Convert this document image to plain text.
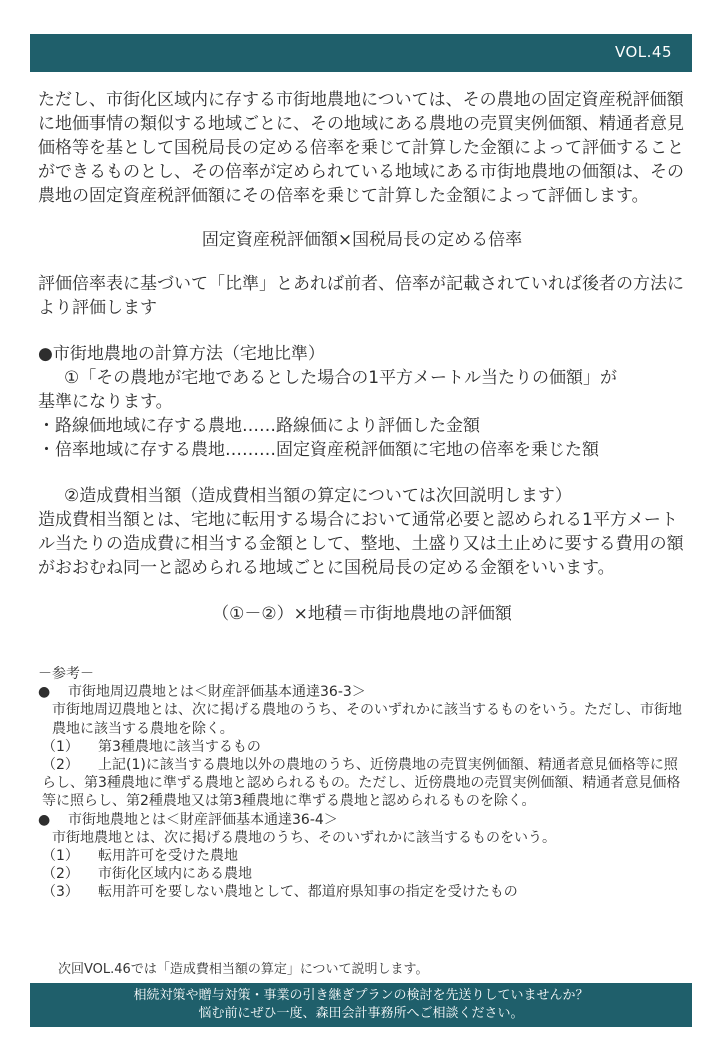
VOL.45

ただし、市街化区域内に存する市街地農地については、その農地の固定資産税評価額に地価事情の類似する地域ごとに、その地域にある農地の売買実例価額、精通者意見価格等を基として国税局長の定める倍率を乗じて計算した金額によって評価することができるものとし、その倍率が定められている地域にある市街地農地の価額は、その農地の固定資産税評価額にその倍率を乗じて計算した金額によって評価します。

固定資産税評価額×国税局長の定める倍率

評価倍率表に基づいて「比準」とあれば前者、倍率が記載されていれば後者の方法により評価します

●市街地農地の計算方法（宅地比準）

①「その農地が宅地であるとした場合の1平方メートル当たりの価額」が

基準になります。

・路線価地域に存する農地……路線価により評価した金額

・倍率地域に存する農地………固定資産税評価額に宅地の倍率を乗じた額

②造成費相当額（造成費相当額の算定については次回説明します）

造成費相当額とは、宅地に転用する場合において通常必要と認められる1平方メートル当たりの造成費に相当する金額として、整地、土盛り又は土止めに要する費用の額がおおむね同一と認められる地域ごとに国税局長の定める金額をいいます。

（①－②）×地積＝市街地農地の評価額

－参考－

● 市街地周辺農地とは＜財産評価基本通達36-3＞

市街地周辺農地とは、次に掲げる農地のうち、そのいずれかに該当するものをいう。ただし、市街地農地に該当する農地を除く。

（1） 第3種農地に該当するもの

（2） 上記(1)に該当する農地以外の農地のうち、近傍農地の売買実例価額、精通者意見価格等に照らし、第3種農地に準ずる農地と認められるもの。ただし、近傍農地の売買実例価額、精通者意見価格等に照らし、第2種農地又は第3種農地に準ずる農地と認められるものを除く。

● 市街地農地とは＜財産評価基本通達36-4＞

市街地農地とは、次に掲げる農地のうち、そのいずれかに該当するものをいう。

（1） 転用許可を受けた農地

（2） 市街化区域内にある農地

（3） 転用許可を要しない農地として、都道府県知事の指定を受けたもの

次回VOL.46では「造成費相当額の算定」について説明します。
相続対策や贈与対策・事業の引き継ぎプランの検討を先送りしていませんか？
悩む前にぜひ一度、森田会計事務所へご相談ください。
